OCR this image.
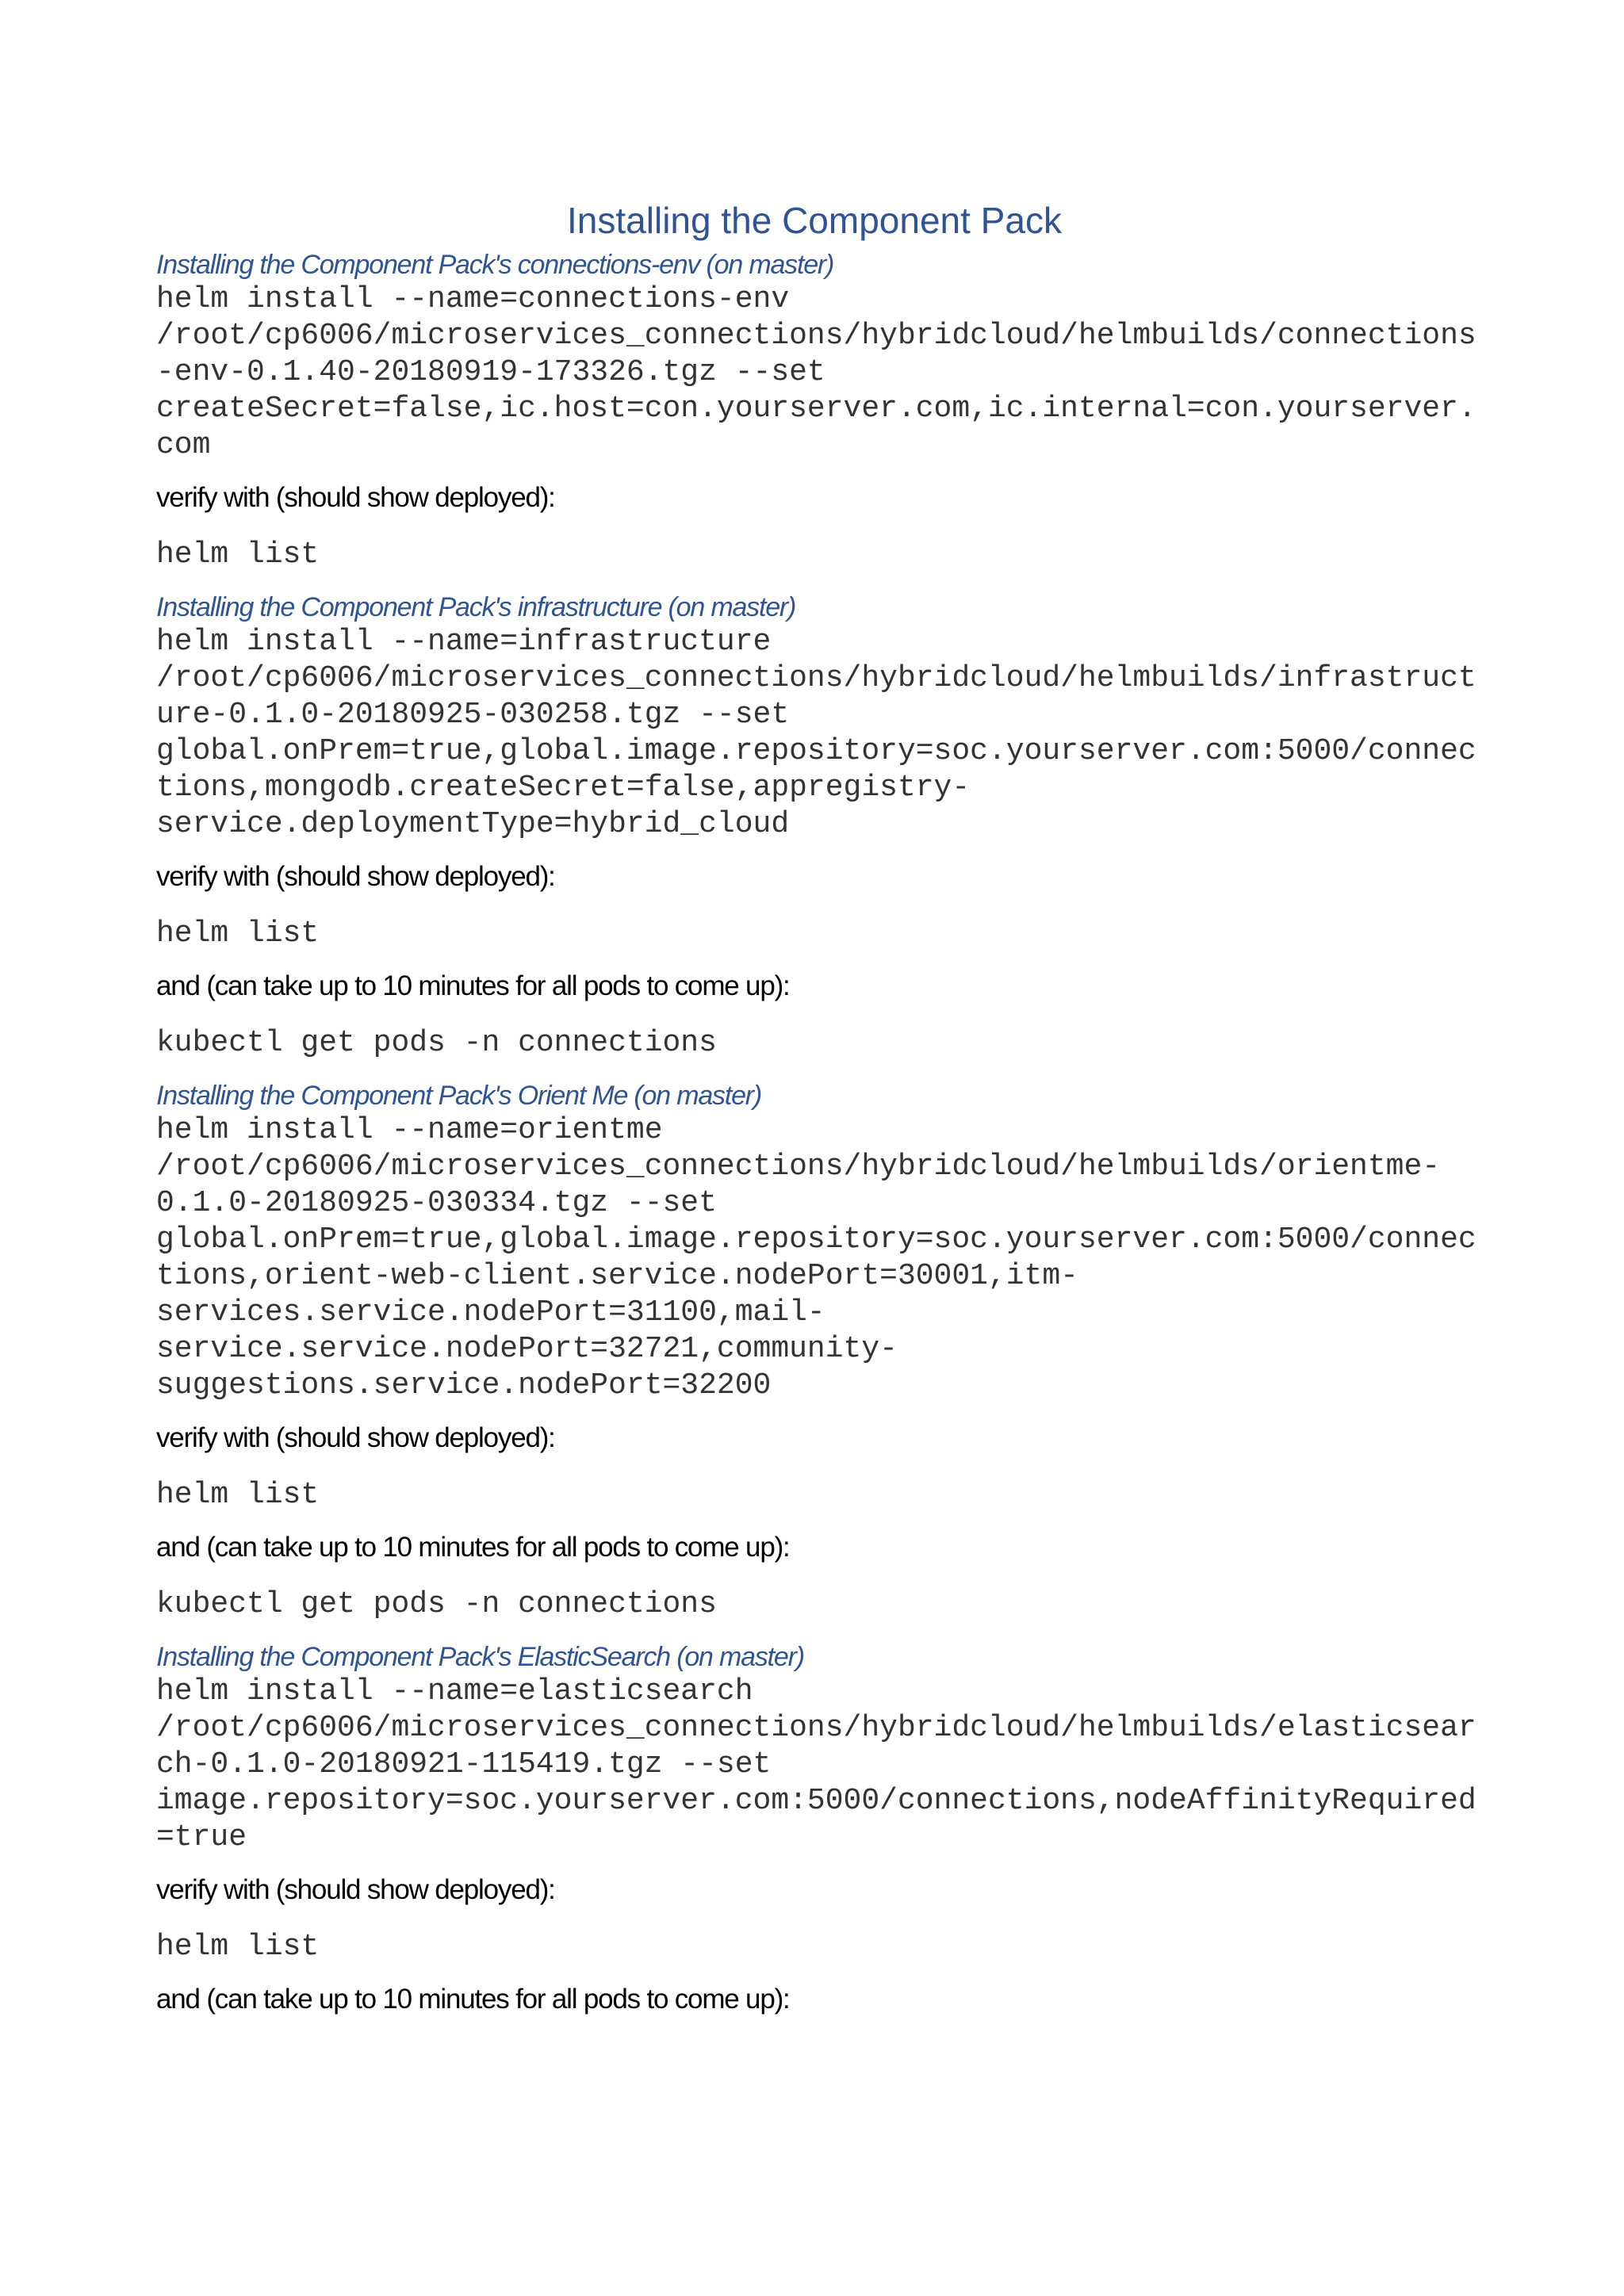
Installing the Component Pack

Installing the Component Pack's connections-env (on master)

helm install --name=connections-env
/root/cp6006/microservices_connections/hybridcloud/helmbuilds/connections
-env-0.1.40-20180919-173326.tgz --set
createSecret=false,ic.host=con.yourserver.com,ic.internal=con.yourserver.
com

verify with (should show deployed):

helm list

Installing the Component Pack's infrastructure (on master)

helm install --name=infrastructure
/root/cp6006/microservices_connections/hybridcloud/helmbuilds/infrastruct
ure-0.1.0-20180925-030258.tgz --set
global.onPrem=true,global.image.repository=soc.yourserver.com:5000/connec
tions,mongodb.createSecret=false,appregistry-
service.deploymentType=hybrid_cloud

verify with (should show deployed):

helm list

and (can take up to 10 minutes for all pods to come up):

kubectl get pods -n connections

Installing the Component Pack's Orient Me (on master)

helm install --name=orientme
/root/cp6006/microservices_connections/hybridcloud/helmbuilds/orientme-
0.1.0-20180925-030334.tgz --set
global.onPrem=true,global.image.repository=soc.yourserver.com:5000/connec
tions,orient-web-client.service.nodePort=30001,itm-
services.service.nodePort=31100,mail-
service.service.nodePort=32721,community-
suggestions.service.nodePort=32200

verify with (should show deployed):

helm list

and (can take up to 10 minutes for all pods to come up):

kubectl get pods -n connections

Installing the Component Pack's ElasticSearch (on master)

helm install --name=elasticsearch
/root/cp6006/microservices_connections/hybridcloud/helmbuilds/elasticsear
ch-0.1.0-20180921-115419.tgz --set
image.repository=soc.yourserver.com:5000/connections,nodeAffinityRequired
=true

verify with (should show deployed):

helm list

and (can take up to 10 minutes for all pods to come up):
